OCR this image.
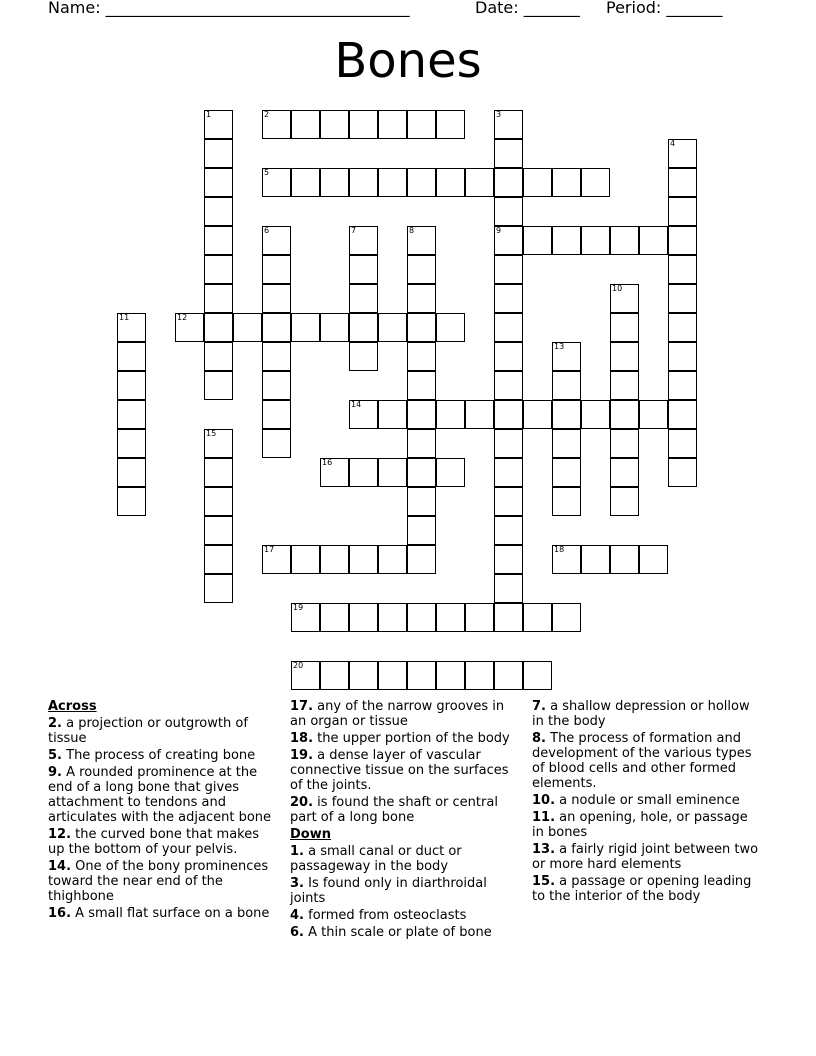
Name: ______________________________________	Date: _______ Period: _______
Bones
1	2	3
9
4
5
6	7	8
10
11	12
13
14
15
16
17	18
19
20
Across
2. a projection or outgrowth of tissue
5. The process of creating bone
9. A rounded prominence at the end of a long bone that gives attachment to tendons and articulates with the adjacent bone
12. the curved bone that makes up the bottom of your pelvis.
14. One of the bony prominences toward the near end of the thighbone
16. A small flat surface on a bone
17. any of the narrow grooves in an organ or tissue
18. the upper portion of the body
19. a dense layer of vascular connective tissue on the surfaces of the joints.
20. is found the shaft or central part of a long bone
Down
1. a small canal or duct or passageway in the body
3. Is found only in diarthroidal joints
4. formed from osteoclasts
6. A thin scale or plate of bone
7. a shallow depression or hollow in the body
8. The process of formation and development of the various types of blood cells and other formed elements.
10. a nodule or small eminence
11. an opening, hole, or passage in bones
13. a fairly rigid joint between two or more hard elements
15. a passage or opening leading to the interior of the body
